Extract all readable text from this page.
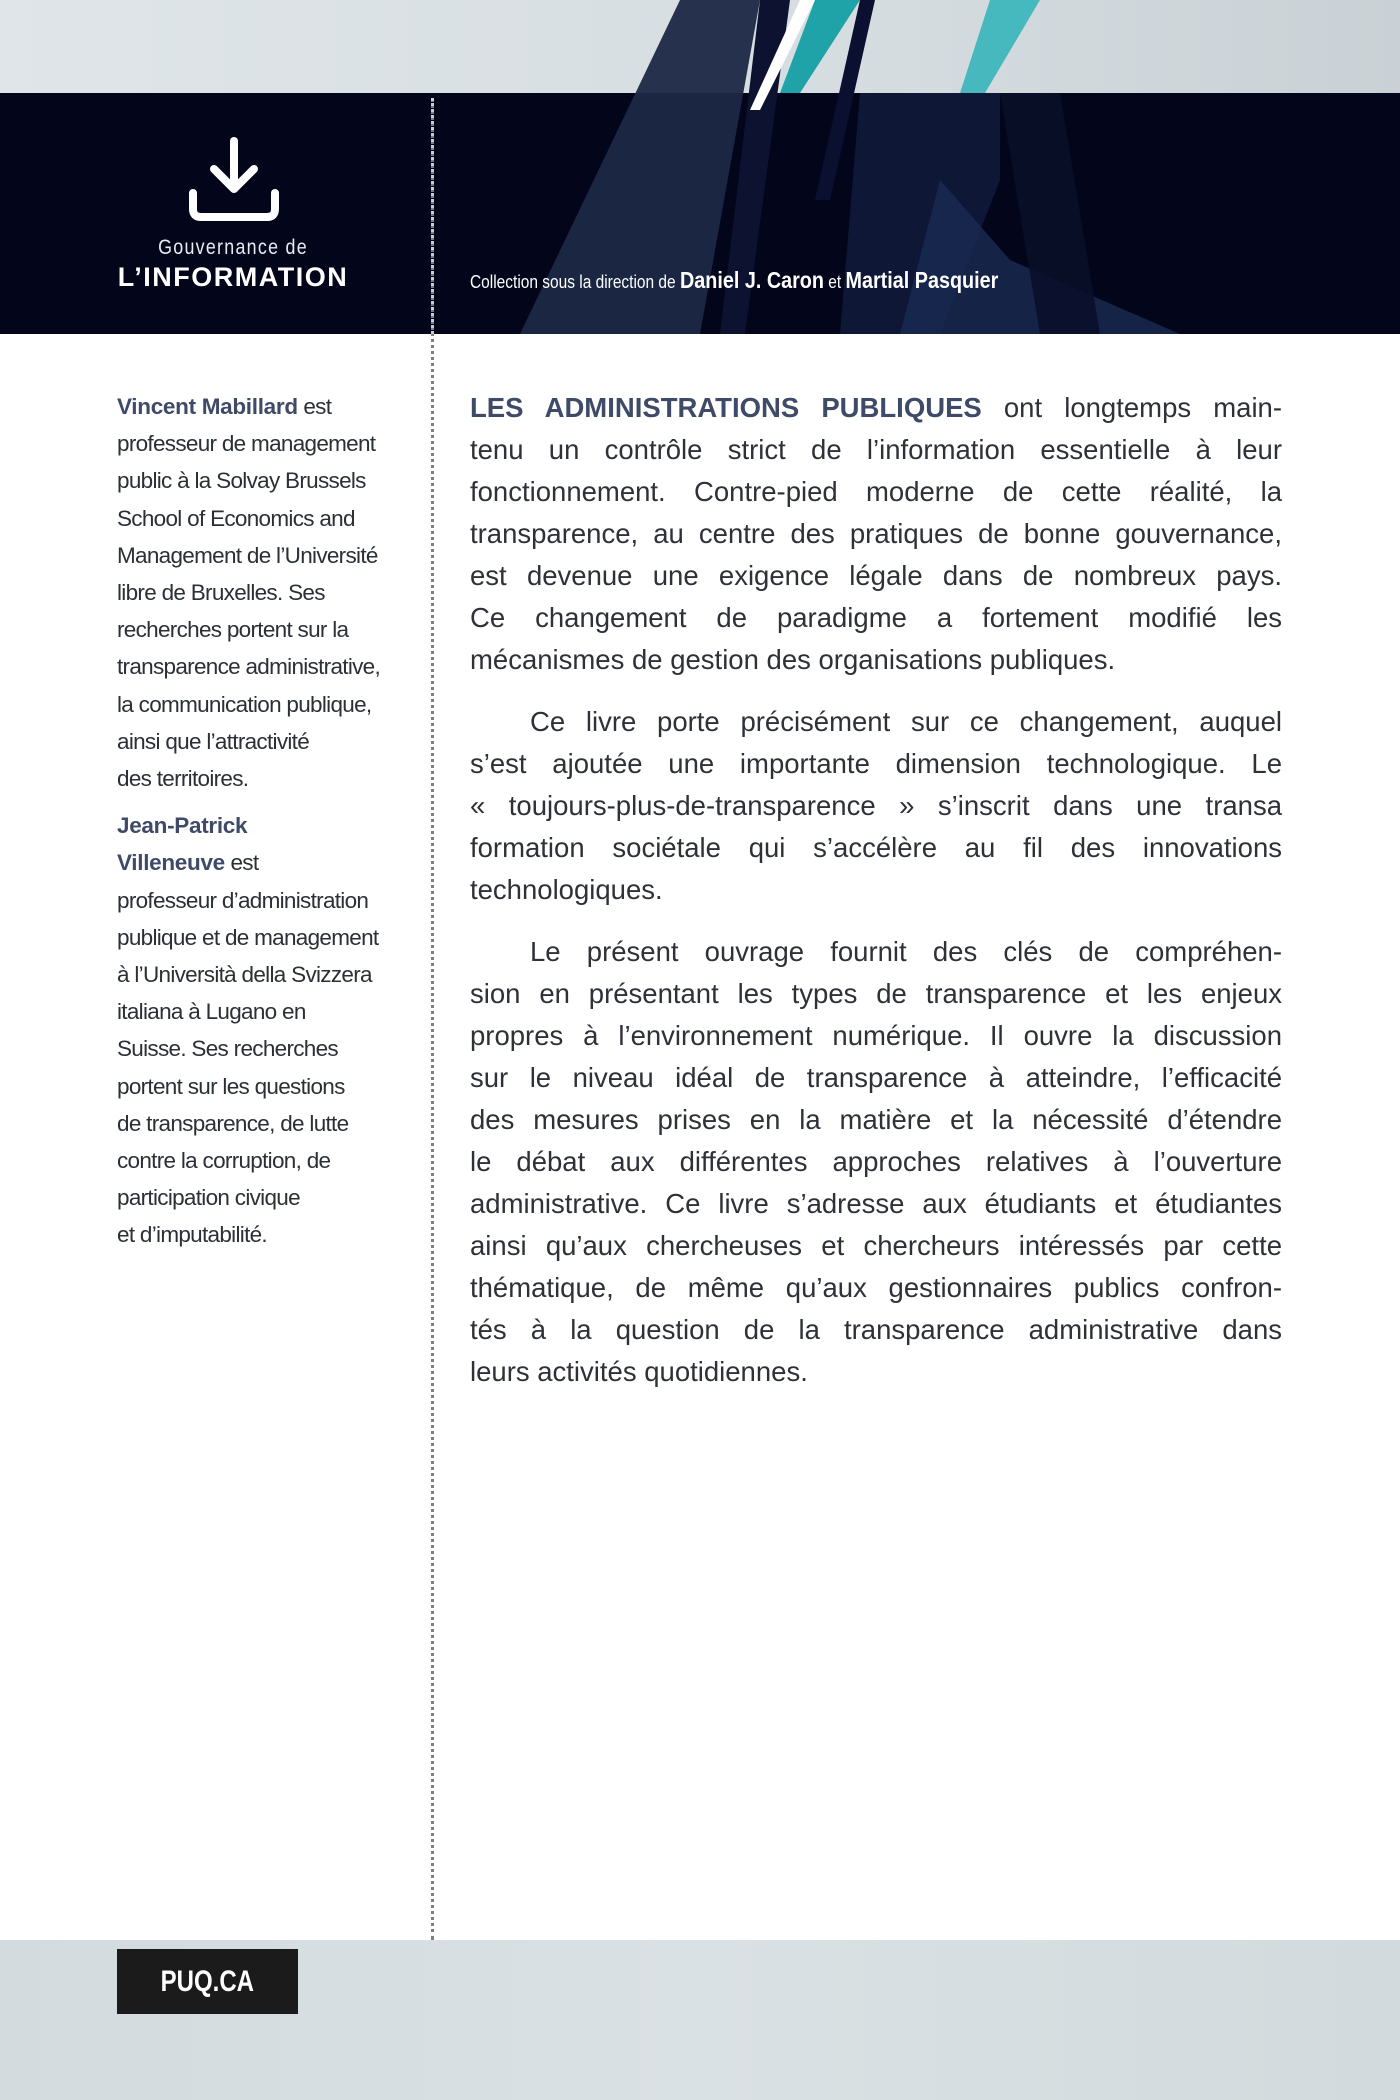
Gouvernance de
L’INFORMATION	Collection sous la direction de Daniel J. Caron et Martial Pasquier
Vincent Mabillard est
professeur de management
public à la Solvay Brussels
School of Economics and
Management de l’Université
libre de Bruxelles. Ses
recherches portent sur la
transparence administrative,
la communication publique,
ainsi que l’attractivité
des territoires.
Jean-Patrick
Villeneuve est
professeur d’administration
publique et de management
à l’Università della Svizzera
italiana à Lugano en
Suisse. Ses recherches
portent sur les questions
de transparence, de lutte
contre la corruption, de
participation civique
et d’imputabilité.
LES ADMINISTRATIONS PUBLIQUES ont longtemps main-
tenu un contrôle strict de l’information essentielle à leur
fonctionnement. Contre-pied moderne de cette réalité, la
transparence, au centre des pratiques de bonne gouvernance,
est devenue une exigence légale dans de nombreux pays.
Ce changement de paradigme a fortement modifié les
mécanismes de gestion des organisations publiques.
Ce livre porte précisément sur ce changement, auquel
s’est ajoutée une importante dimension technologique. Le
« toujours-plus-de-transparence » s’inscrit dans une transa
formation sociétale qui s’accélère au fil des innovations
technologiques.
Le présent ouvrage fournit des clés de compréhen-
sion en présentant les types de transparence et les enjeux
propres à l’environnement numérique. Il ouvre la discussion
sur le niveau idéal de transparence à atteindre, l’efficacité
des mesures prises en la matière et la nécessité d’étendre
le débat aux différentes approches relatives à l’ouverture
administrative. Ce livre s’adresse aux étudiants et étudiantes
ainsi qu’aux chercheuses et chercheurs intéressés par cette
thématique, de même qu’aux gestionnaires publics confron-
tés à la question de la transparence administrative dans
leurs activités quotidiennes.
PUQ.CA
